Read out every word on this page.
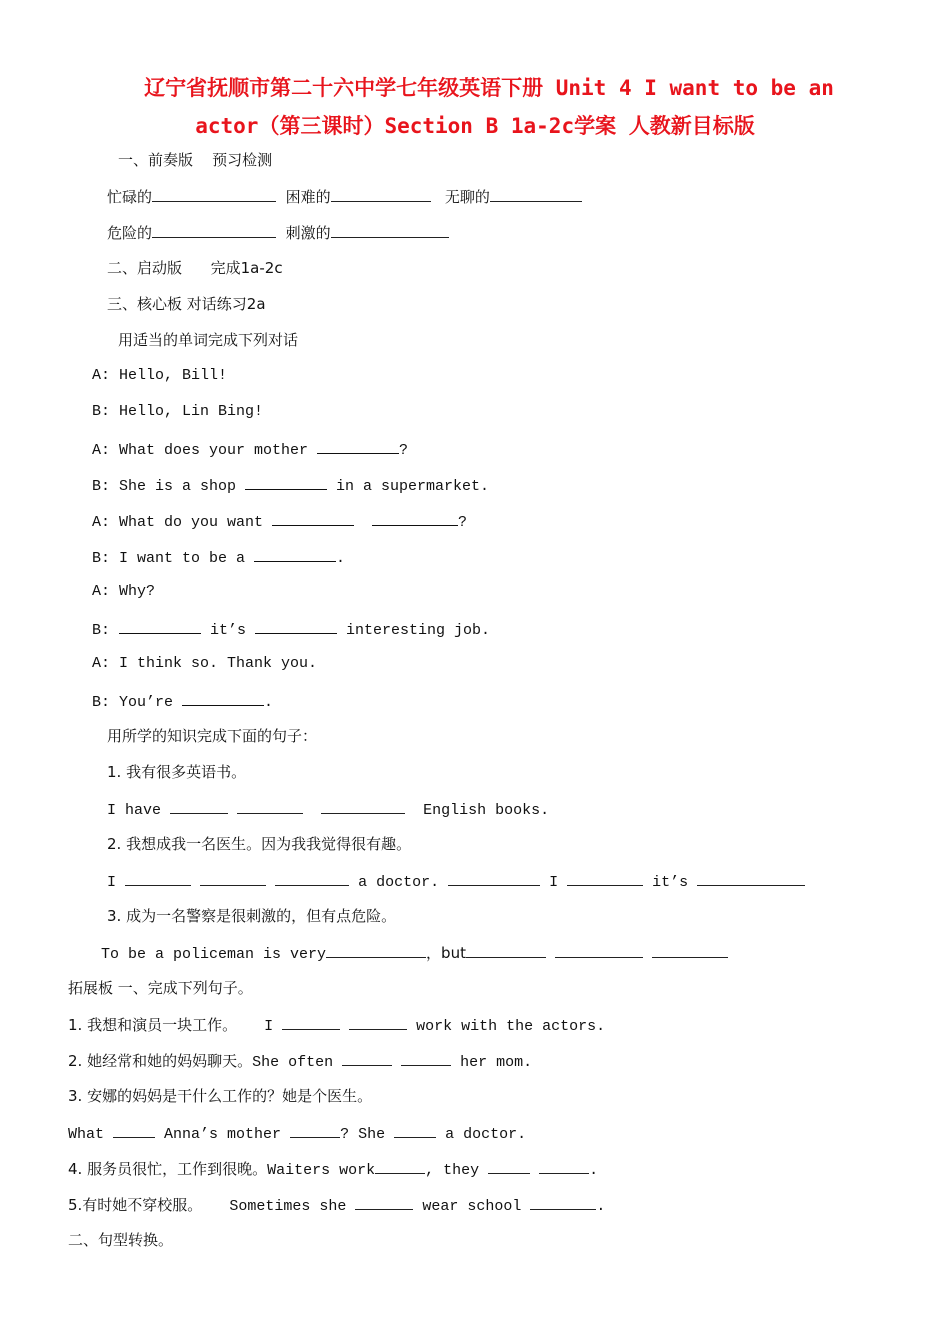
辽宁省抚顺市第二十六中学七年级英语下册 Unit 4 I want to be an
actor（第三课时）Section B 1a-2c学案 人教新目标版
一、前奏版 预习检测
忙碌的	困难的	无聊的
危险的	刺激的
二、启动版 完成1a-2c
三、核心板 对话练习2a
用适当的单词完成下列对话
A: Hello, Bill!
B: Hello, Lin Bing!
A: What does your mother	?
B: She is a shop	in a supermarket.
A: What do you want	?
B: I want to be a	.
A: Why?
B:	it’s	interesting job.
A: I think so. Thank you.
B: You’re	.
用所学的知识完成下面的句子：
1. 我有很多英语书。
I have	English books.
2. 我想成我一名医生。因为我我觉得很有趣。
I	a doctor.	I	it’s
3. 成为一名警察是很刺激的，但有点危险。
To be a policeman is very	，but
拓展板 一、完成下列句子。
1. 我想和演员一块工作。 I	work with the actors.
2. 她经常和她的妈妈聊天。She often	her mom.
3. 安娜的妈妈是干什么工作的？她是个医生。
What	Anna’s mother	? She	a doctor.
4. 服务员很忙，工作到很晚。Waiters work	, they	.
5.有时她不穿校服。 Sometimes she	wear school	.
二、句型转换。
